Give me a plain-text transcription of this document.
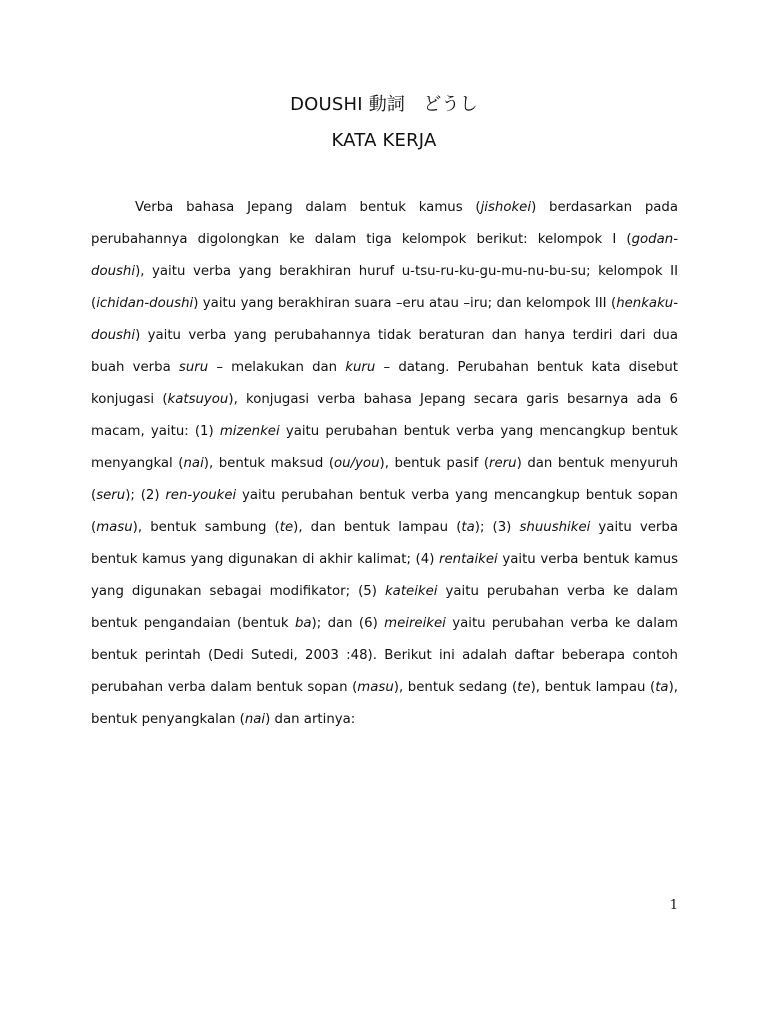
DOUSHI 動詞　どうし
KATA KERJA

Verba bahasa Jepang dalam bentuk kamus (jishokei) berdasarkan pada perubahannya digolongkan ke dalam tiga kelompok berikut: kelompok I (godan-doushi), yaitu verba yang berakhiran huruf u-tsu-ru-ku-gu-mu-nu-bu-su; kelompok II (ichidan-doushi) yaitu yang berakhiran suara –eru atau –iru; dan kelompok III (henkaku-doushi) yaitu verba yang perubahannya tidak beraturan dan hanya terdiri dari dua buah verba suru – melakukan dan kuru – datang. Perubahan bentuk kata disebut konjugasi (katsuyou), konjugasi verba bahasa Jepang secara garis besarnya ada 6 macam, yaitu: (1) mizenkei yaitu perubahan bentuk verba yang mencangkup bentuk menyangkal (nai), bentuk maksud (ou/you), bentuk pasif (reru) dan bentuk menyuruh (seru); (2) ren-youkei yaitu perubahan bentuk verba yang mencangkup bentuk sopan (masu), bentuk sambung (te), dan bentuk lampau (ta); (3) shuushikei yaitu verba bentuk kamus yang digunakan di akhir kalimat; (4) rentaikei yaitu verba bentuk kamus yang digunakan sebagai modifikator; (5) kateikei yaitu perubahan verba ke dalam bentuk pengandaian (bentuk ba); dan (6) meireikei yaitu perubahan verba ke dalam bentuk perintah (Dedi Sutedi, 2003 :48). Berikut ini adalah daftar beberapa contoh perubahan verba dalam bentuk sopan (masu), bentuk sedang (te), bentuk lampau (ta), bentuk penyangkalan (nai) dan artinya:

1
